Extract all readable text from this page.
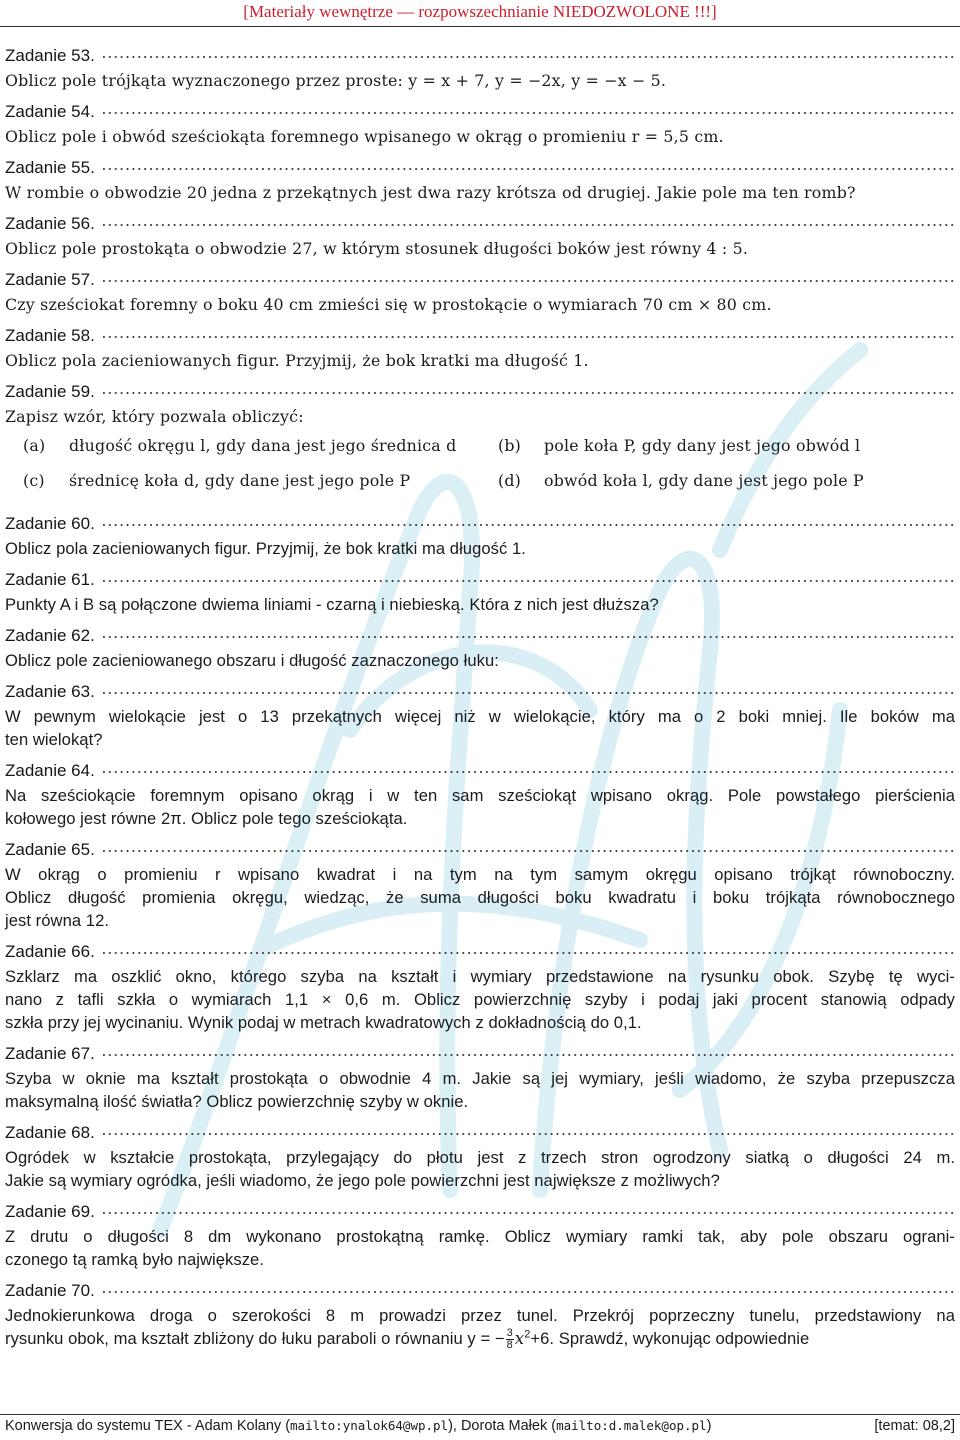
[Materiały wewnętrze — rozpowszechnianie NIEDOZWOLONE !!!]
Zadanie 53.

Oblicz pole trójkąta wyznaczonego przez proste: y = x + 7, y = −2x, y = −x − 5.

Zadanie 54.

Oblicz pole i obwód sześciokąta foremnego wpisanego w okrąg o promieniu r = 5,5 cm.

Zadanie 55.

W rombie o obwodzie 20 jedna z przekątnych jest dwa razy krótsza od drugiej. Jakie pole ma ten romb?

Zadanie 56.

Oblicz pole prostokąta o obwodzie 27, w którym stosunek długości boków jest równy 4 : 5.

Zadanie 57.

Czy sześciokat foremny o boku 40 cm zmieści się w prostokącie o wymiarach 70 cm × 80 cm.

Zadanie 58.

Oblicz pola zacieniowanych figur. Przyjmij, że bok kratki ma długość 1.

Zadanie 59.

Zapisz wzór, który pozwala obliczyć:

(a)	długość okręgu l, gdy dana jest jego średnica d	(b)	pole koła P, gdy dany jest jego obwód l
(c)	średnicę koła d, gdy dane jest jego pole P	(d)	obwód koła l, gdy dane jest jego pole P
Zadanie 60.

Oblicz pola zacieniowanych figur. Przyjmij, że bok kratki ma długość 1.

Zadanie 61.

Punkty A i B są połączone dwiema liniami - czarną i niebieską. Która z nich jest dłuższa?

Zadanie 62.

Oblicz pole zacieniowanego obszaru i długość zaznaczonego łuku:

Zadanie 63.

W pewnym wielokącie jest o 13 przekątnych więcej niż w wielokącie, który ma o 2 boki mniej. Ile boków ma

ten wielokąt?

Zadanie 64.

Na sześciokącie foremnym opisano okrąg i w ten sam sześciokąt wpisano okrąg. Pole powstałego pierścienia

kołowego jest równe 2π. Oblicz pole tego sześciokąta.

Zadanie 65.

W okrąg o promieniu r wpisano kwadrat i na tym na tym samym okręgu opisano trójkąt równoboczny.

Oblicz długość promienia okręgu, wiedząc, że suma długości boku kwadratu i boku trójkąta równobocznego

jest równa 12.

Zadanie 66.

Szklarz ma oszklić okno, którego szyba na kształt i wymiary przedstawione na rysunku obok. Szybę tę wyci-

nano z tafli szkła o wymiarach 1,1 × 0,6 m. Oblicz powierzchnię szyby i podaj jaki procent stanowią odpady

szkła przy jej wycinaniu. Wynik podaj w metrach kwadratowych z dokładnością do 0,1.

Zadanie 67.

Szyba w oknie ma kształt prostokąta o obwodnie 4 m. Jakie są jej wymiary, jeśli wiadomo, że szyba przepuszcza

maksymalną ilość światła? Oblicz powierzchnię szyby w oknie.

Zadanie 68.

Ogródek w kształcie prostokąta, przylegający do płotu jest z trzech stron ogrodzony siatką o długości 24 m.

Jakie są wymiary ogródka, jeśli wiadomo, że jego pole powierzchni jest największe z możliwych?

Zadanie 69.

Z drutu o długości 8 dm wykonano prostokątną ramkę. Oblicz wymiary ramki tak, aby pole obszaru ograni-

czonego tą ramką było największe.

Zadanie 70.

Jednokierunkowa droga o szerokości 8 m prowadzi przez tunel. Przekrój poprzeczny tunelu, przedstawiony na

rysunku obok, ma kształt zbliżony do łuku paraboli o równaniu y = − $\frac{3}{8} x^2+6$. Sprawdź, wykonując odpowiednie

Konwersja do systemu TEX - Adam Kolany (mailto:ynalok64@wp.pl), Dorota Małek (mailto:d.malek@op.pl)	[temat: 08,2]
